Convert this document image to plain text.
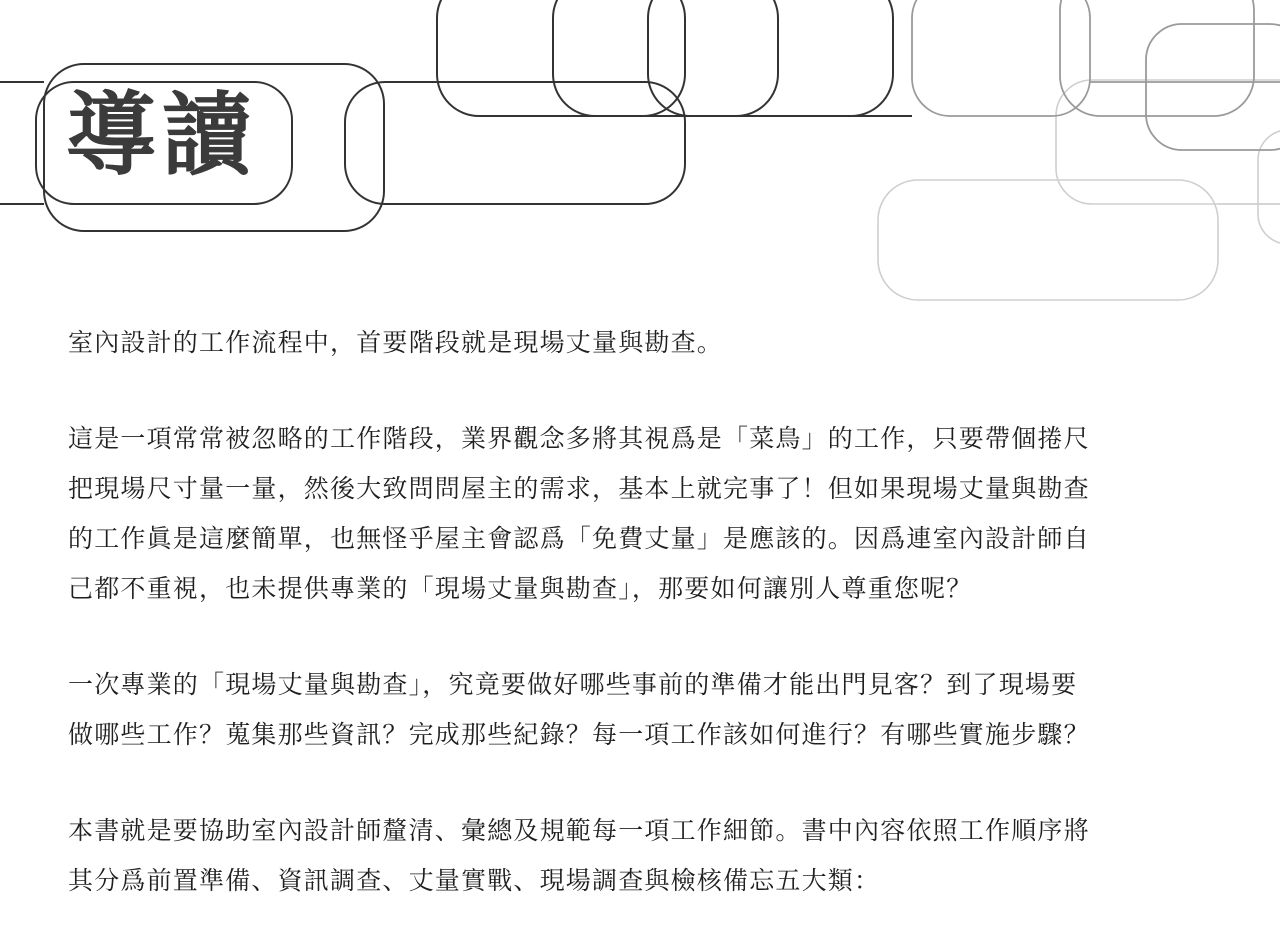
導讀

室內設計的工作流程中，首要階段就是現場丈量與勘查。

這是一項常常被忽略的工作階段，業界觀念多將其視爲是「菜鳥」的工作，只要帶個捲尺
把現場尺寸量一量，然後大致問問屋主的需求，基本上就完事了！但如果現場丈量與勘查
的工作眞是這麼簡單，也無怪乎屋主會認爲「免費丈量」是應該的。因爲連室內設計師自
己都不重視，也未提供專業的「現場丈量與勘查」，那要如何讓別人尊重您呢？

一次專業的「現場丈量與勘查」，究竟要做好哪些事前的準備才能出門見客？到了現場要
做哪些工作？蒐集那些資訊？完成那些紀錄？每一項工作該如何進行？有哪些實施步驟？

本書就是要協助室內設計師釐清、彙總及規範每一項工作細節。書中內容依照工作順序將
其分爲前置準備、資訊調查、丈量實戰、現場調查與檢核備忘五大類：
